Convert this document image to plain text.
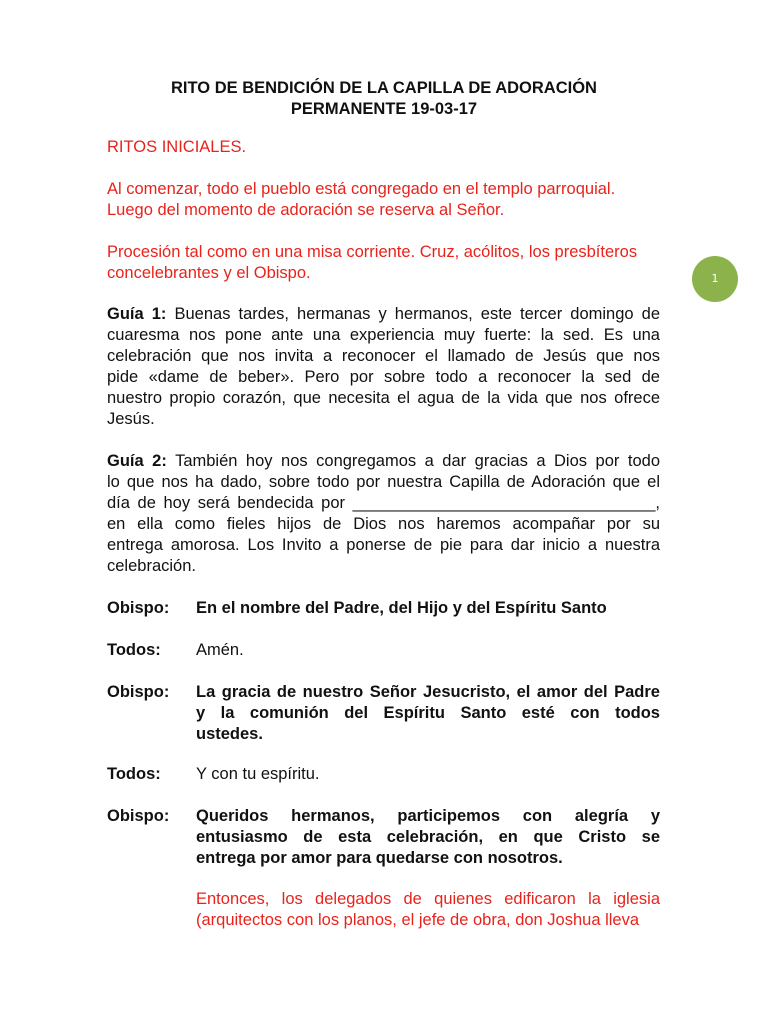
RITO DE BENDICIÓN DE LA CAPILLA DE ADORACIÓN
PERMANENTE 19-03-17
RITOS INICIALES.
Al comenzar, todo el pueblo está congregado en el templo parroquial.
Luego del momento de adoración se reserva al Señor.
Procesión tal como en una misa corriente. Cruz, acólitos, los presbíteros
concelebrantes y el Obispo.	1
Guía 1: Buenas tardes, hermanas y hermanos, este tercer domingo de
cuaresma nos pone ante una experiencia muy fuerte: la sed. Es una
celebración que nos invita a reconocer el llamado de Jesús que nos
pide «dame de beber». Pero por sobre todo a reconocer la sed de
nuestro propio corazón, que necesita el agua de la vida que nos ofrece
Jesús.
Guía 2: También hoy nos congregamos a dar gracias a Dios por todo
lo que nos ha dado, sobre todo por nuestra Capilla de Adoración que el
día de hoy será bendecida por _________________________________,
en ella como fieles hijos de Dios nos haremos acompañar por su
entrega amorosa. Los Invito a ponerse de pie para dar inicio a nuestra
celebración.
Obispo: En el nombre del Padre, del Hijo y del Espíritu Santo
Todos: Amén.
Obispo: La gracia de nuestro Señor Jesucristo, el amor del Padre
y la comunión del Espíritu Santo esté con todos
ustedes.
Todos: Y con tu espíritu.
Obispo: Queridos hermanos, participemos con alegría y
entusiasmo de esta celebración, en que Cristo se
entrega por amor para quedarse con nosotros.
Entonces, los delegados de quienes edificaron la iglesia
(arquitectos con los planos, el jefe de obra, don Joshua lleva
